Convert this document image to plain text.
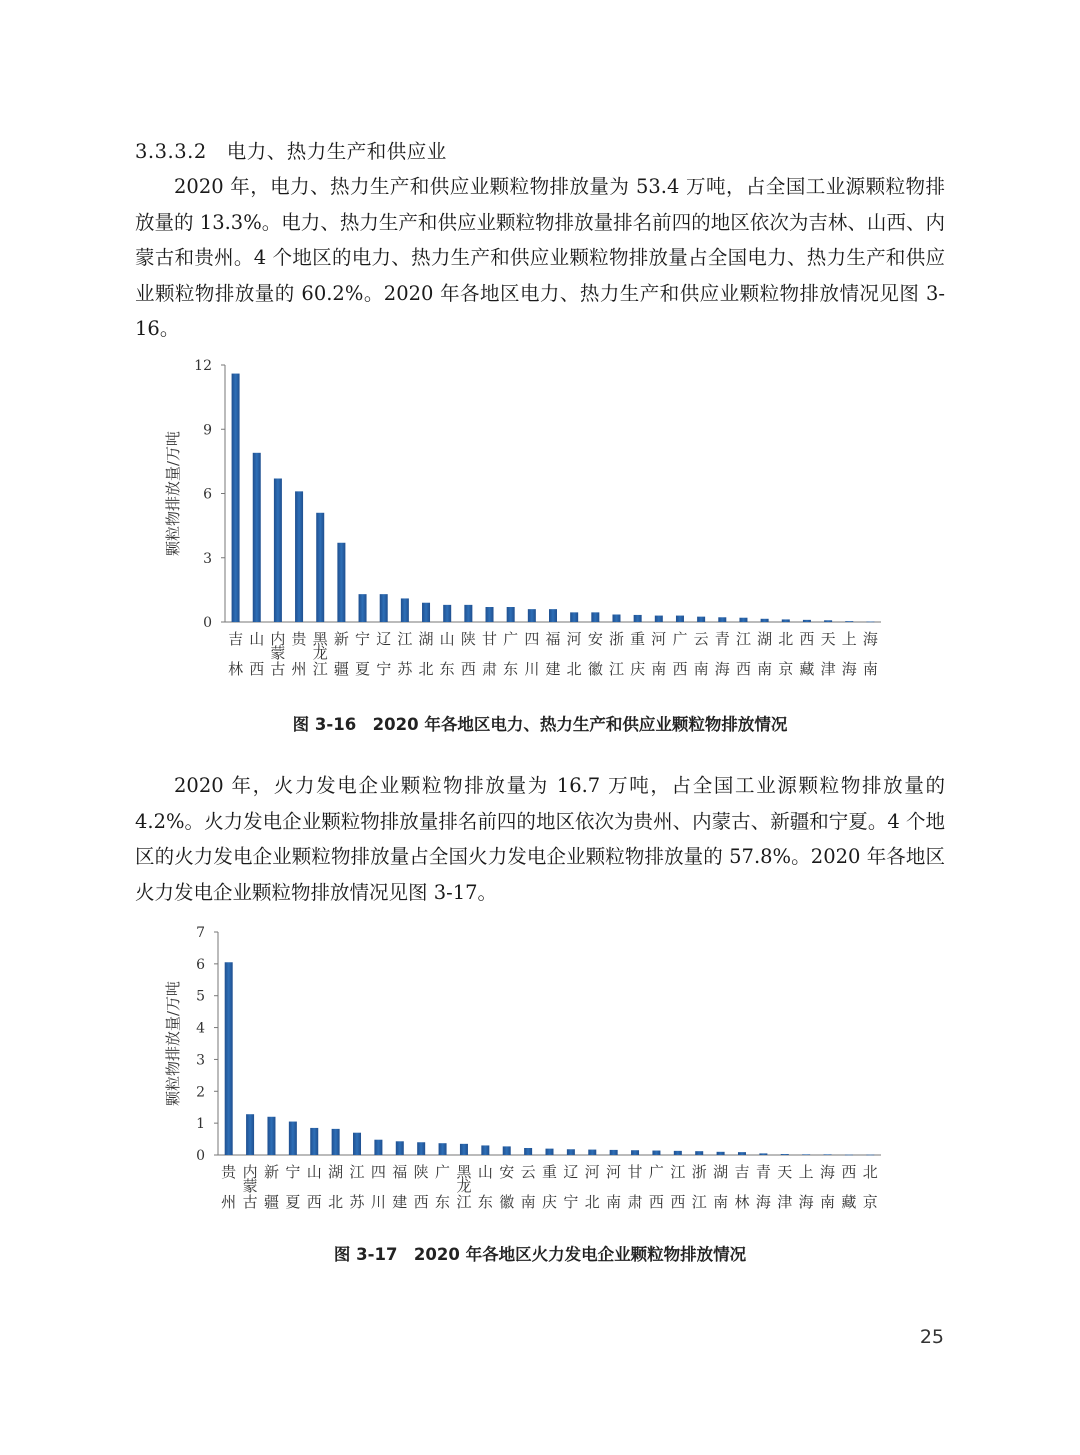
3.3.3.2　电力、热力生产和供应业
2020 年，电力、热力生产和供应业颗粒物排放量为 53.4 万吨，占全国工业源颗粒物排放量的 13.3%。电力、热力生产和供应业颗粒物排放量排名前四的地区依次为吉林、山西、内蒙古和贵州。4 个地区的电力、热力生产和供应业颗粒物排放量占全国电力、热力生产和供应业颗粒物排放量的 60.2%。2020 年各地区电力、热力生产和供应业颗粒物排放情况见图 3-16。
0
3
6
9
12
颗粒物排放量/万吨
吉林
山西
内蒙古
贵州
黑龙江
新疆
宁夏
辽宁
江苏
湖北
山东
陕西
甘肃
广东
四川
福建
河北
安徽
浙江
重庆
河南
广西
云南
青海
江西
湖南
北京
西藏
天津
上海
海南
图 3-16　2020 年各地区电力、热力生产和供应业颗粒物排放情况
2020 年，火力发电企业颗粒物排放量为 16.7 万吨，占全国工业源颗粒物排放量的 4.2%。火力发电企业颗粒物排放量排名前四的地区依次为贵州、内蒙古、新疆和宁夏。4 个地区的火力发电企业颗粒物排放量占全国火力发电企业颗粒物排放量的 57.8%。2020 年各地区火力发电企业颗粒物排放情况见图 3-17。
0
1
2
3
4
5
6
7
颗粒物排放量/万吨
贵州
内蒙古
新疆
宁夏
山西
湖北
江苏
四川
福建
陕西
广东
黑龙江
山东
安徽
云南
重庆
辽宁
河北
河南
甘肃
广西
江西
浙江
湖南
吉林
青海
天津
上海
海南
西藏
北京
图 3-17　2020 年各地区火力发电企业颗粒物排放情况
25
